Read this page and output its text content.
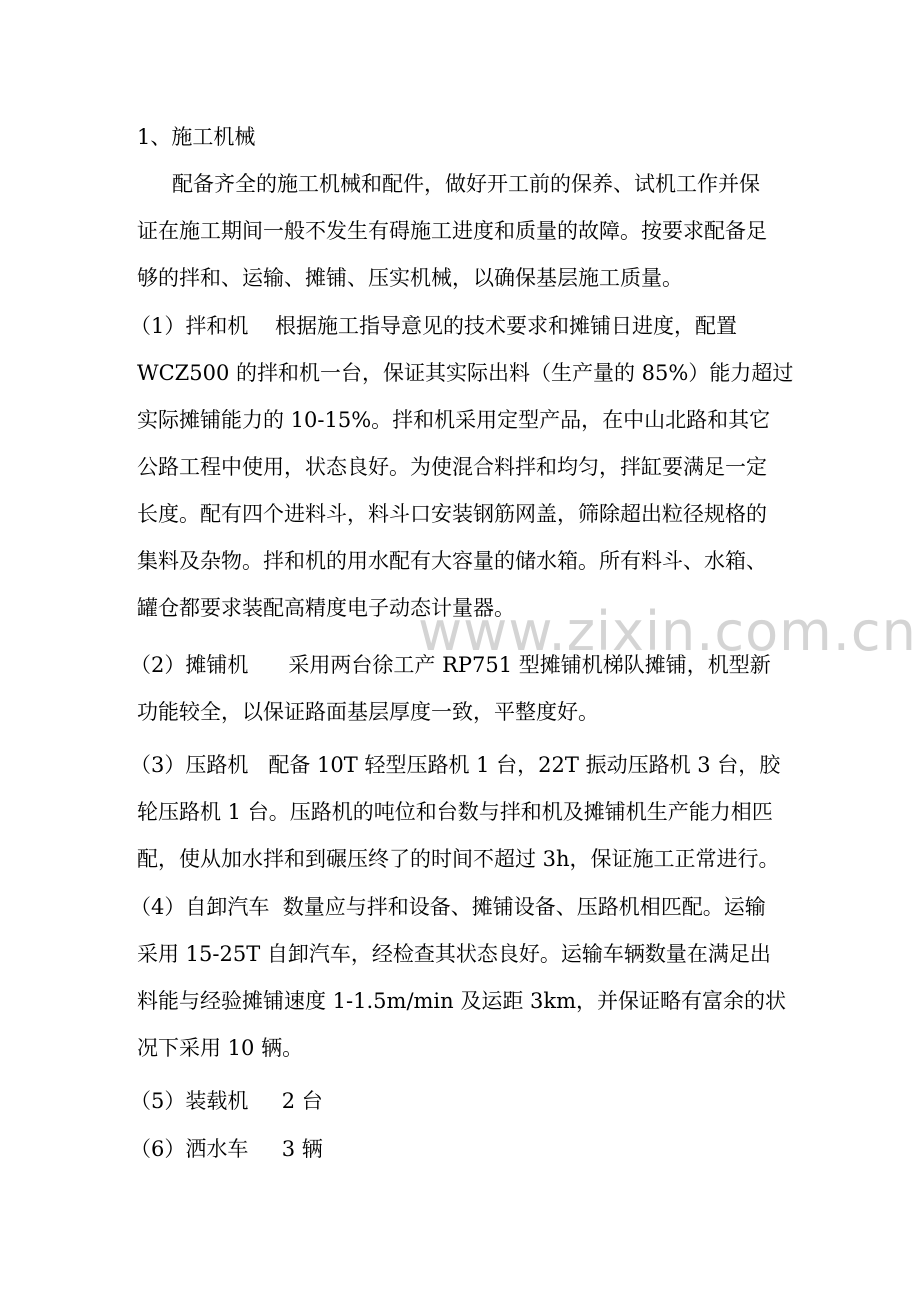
www.zixin.com.cn
1、施工机械
配备齐全的施工机械和配件，做好开工前的保养、试机工作并保
证在施工期间一般不发生有碍施工进度和质量的故障。按要求配备足
够的拌和、运输、摊铺、压实机械，以确保基层施工质量。
（1）拌和机    根据施工指导意见的技术要求和摊铺日进度，配置
WCZ500 的拌和机一台，保证其实际出料（生产量的 85%）能力超过
实际摊铺能力的 10-15%。拌和机采用定型产品，在中山北路和其它
公路工程中使用，状态良好。为使混合料拌和均匀，拌缸要满足一定
长度。配有四个进料斗，料斗口安装钢筋网盖，筛除超出粒径规格的
集料及杂物。拌和机的用水配有大容量的储水箱。所有料斗、水箱、
罐仓都要求装配高精度电子动态计量器。
（2）摊铺机      采用两台徐工产 RP751 型摊铺机梯队摊铺，机型新
功能较全，以保证路面基层厚度一致，平整度好。
（3）压路机   配备 10T 轻型压路机 1 台，22T 振动压路机 3 台，胶
轮压路机 1 台。压路机的吨位和台数与拌和机及摊铺机生产能力相匹
配，使从加水拌和到碾压终了的时间不超过 3h，保证施工正常进行。
（4）自卸汽车  数量应与拌和设备、摊铺设备、压路机相匹配。运输
采用 15-25T 自卸汽车，经检查其状态良好。运输车辆数量在满足出
料能与经验摊铺速度 1-1.5m/min 及运距 3km，并保证略有富余的状
况下采用 10 辆。
（5）装载机     2 台
（6）洒水车     3 辆
